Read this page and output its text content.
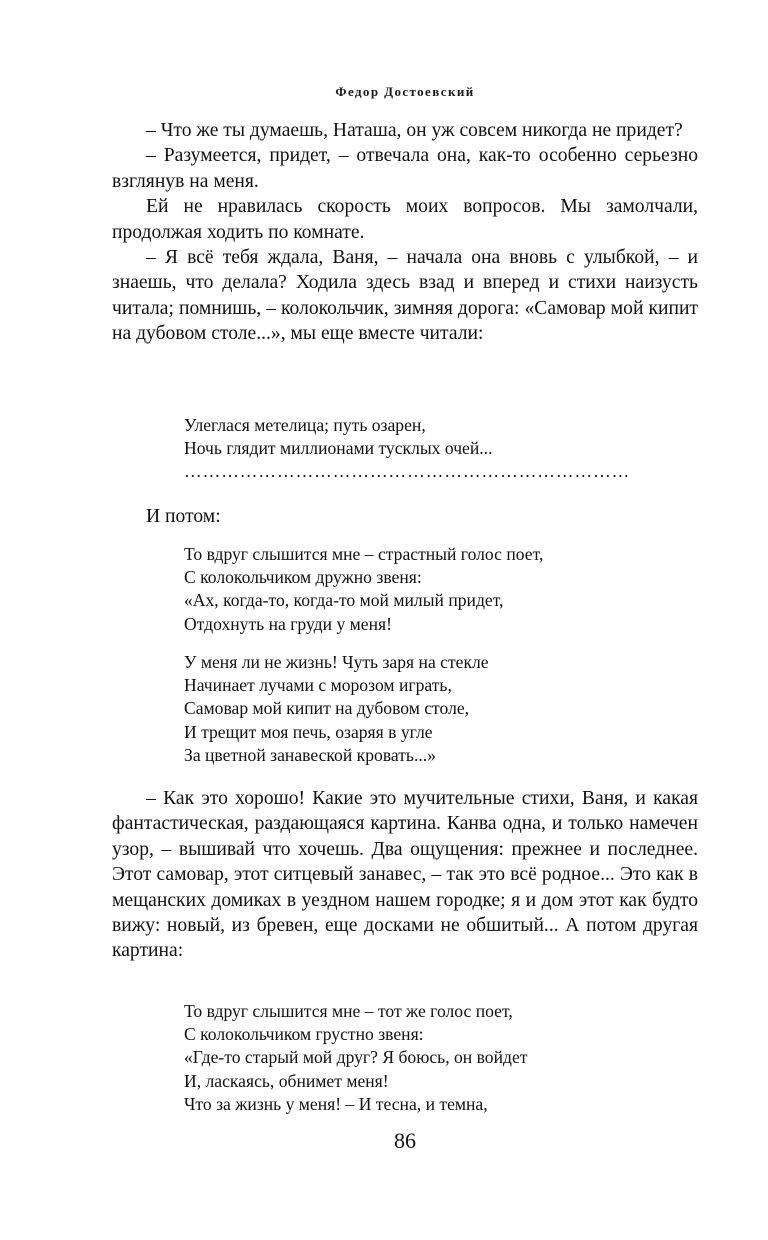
Федор Достоевский

– Что же ты думаешь, Наташа, он уж совсем никогда не придет?

– Разумеется, придет, – отвечала она, как-то особенно серьезно взглянув на меня.

Ей не нравилась скорость моих вопросов. Мы замолчали, продолжая ходить по комнате.

– Я всё тебя ждала, Ваня, – начала она вновь с улыбкой, – и знаешь, что делала? Ходила здесь взад и вперед и стихи наизусть читала; помнишь, – колокольчик, зимняя дорога: «Самовар мой кипит на дубовом столе...», мы еще вместе читали:

Улеглася метелица; путь озарен,
Ночь глядит миллионами тусклых очей...
………………………………………………………………
И потом:
То вдруг слышится мне – страстный голос поет,
С колокольчиком дружно звеня:
«Ах, когда-то, когда-то мой милый придет,
Отдохнуть на груди у меня!
У меня ли не жизнь! Чуть заря на стекле
Начинает лучами с морозом играть,
Самовар мой кипит на дубовом столе,
И трещит моя печь, озаряя в угле
За цветной занавеской кровать...»

– Как это хорошо! Какие это мучительные стихи, Ваня, и какая фантастическая, раздающаяся картина. Канва одна, и только намечен узор, – вышивай что хочешь. Два ощущения: прежнее и последнее. Этот самовар, этот ситцевый занавес, – так это всё родное... Это как в мещанских домиках в уездном нашем городке; я и дом этот как будто вижу: новый, из бревен, еще досками не обшитый... А потом другая картина:

То вдруг слышится мне – тот же голос поет,
С колокольчиком грустно звеня:
«Где-то старый мой друг? Я боюсь, он войдет
И, ласкаясь, обнимет меня!
Что за жизнь у меня! – И тесна, и темна,
86
